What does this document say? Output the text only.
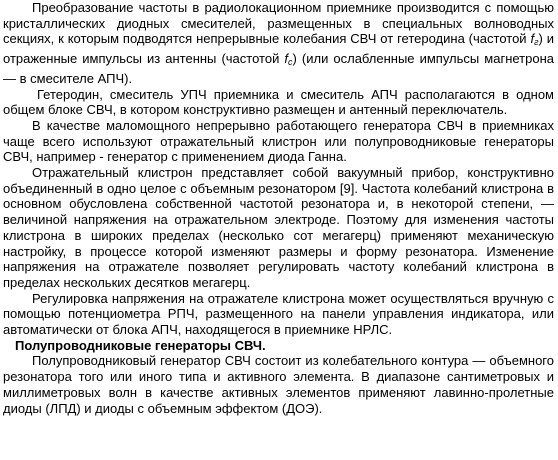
Преобразование частоты в радиолокационном приемнике производится с помощью кристаллических диодных смесителей, размещенных в специальных волноводных секциях, к которым подводятся непрерывные колебания СВЧ от гетеродина (частотой $f_г$) и отраженные импульсы из антенны (частотой $f_c$) (или ослабленные импульсы магнетрона — в смесителе АПЧ).

Гетеродин, смеситель УПЧ приемника и смеситель АПЧ располагаются в одном общем блоке СВЧ, в котором конструктивно размещен и антенный переключатель.

В качестве маломощного непрерывно работающего генератора СВЧ в приемниках чаще всего используют отражательный клистрон или полупроводниковые генераторы СВЧ, например - генератор с применением диода Ганна.

Отражательный клистрон представляет собой вакуумный прибор, конструктивно объединенный в одно целое с объемным резонатором [9]. Частота колебаний клистрона в основном обусловлена собственной частотой резонатора и, в некоторой степени, — величиной напряжения на отражательном электроде. Поэтому для изменения частоты клистрона в широких пределах (несколько сот мегагерц) применяют механическую настройку, в процессе которой изменяют размеры и форму резонатора. Изменение напряжения на отражателе позволяет регулировать частоту колебаний клистрона в пределах нескольких десятков мегагерц.

Регулировка напряжения на отражателе клистрона может осуществляться вручную с помощью потенциометра РПЧ, размещенного на панели управления индикатора, или автоматически от блока АПЧ, находящегося в приемнике НРЛС.

Полупроводниковые генераторы СВЧ.

Полупроводниковый генератор СВЧ состоит из колебательного контура — объемного резонатора того или иного типа и активного элемента. В диапазоне сантиметровых и миллиметровых волн в качестве активных элементов применяют лавинно-пролетные диоды (ЛПД) и диоды с объемным эффектом (ДОЭ).
